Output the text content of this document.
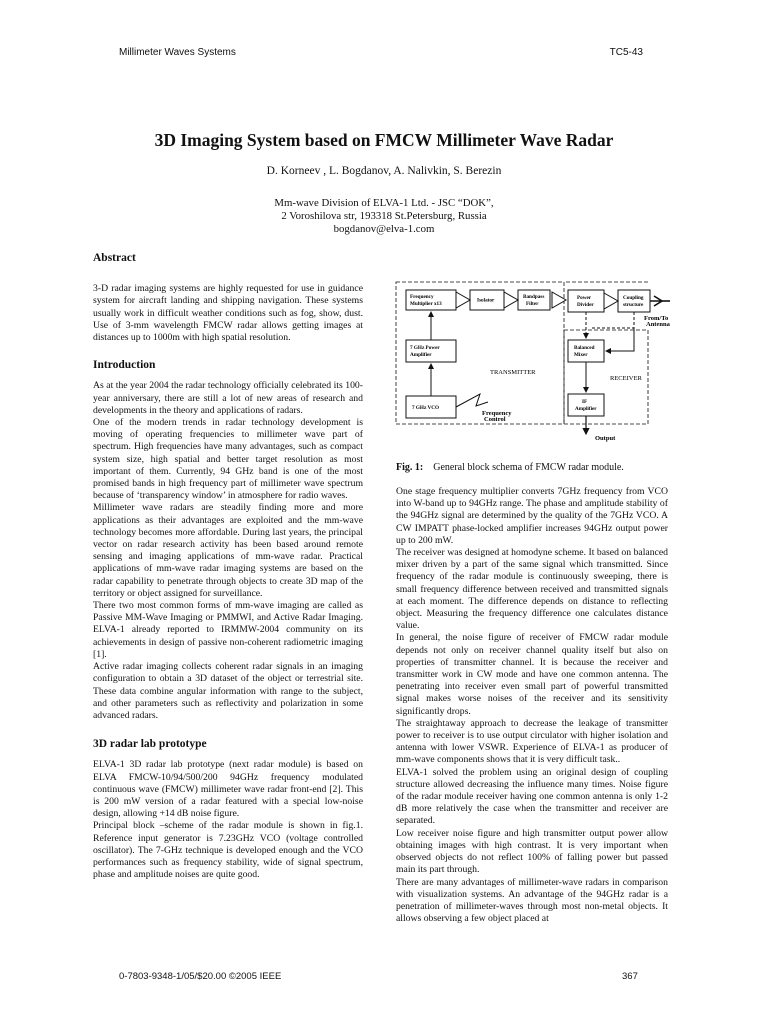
Millimeter Waves Systems	TC5-43
3D Imaging System based on FMCW Millimeter Wave Radar
D. Korneev , L. Bogdanov, A. Nalivkin, S. Berezin
Mm-wave Division of ELVA-1 Ltd. - JSC “DOK”,
2 Voroshilova str, 193318 St.Petersburg, Russia
bogdanov@elva-1.com

Abstract

3-D radar imaging systems are highly requested for use in guidance system for aircraft landing and shipping navigation. These systems usually work in difficult weather conditions such as fog, show, dust. Use of 3-mm wavelength FMCW radar allows getting images at distances up to 1000m with high spatial resolution.

Introduction

As at the year 2004 the radar technology officially celebrated its 100-year anniversary, there are still a lot of new areas of research and developments in the theory and applications of radars.

One of the modern trends in radar technology development is moving of operating frequencies to millimeter wave part of spectrum. High frequencies have many advantages, such as compact system size, high spatial and better target resolution as most important of them. Currently, 94 GHz band is one of the most promised bands in high frequency part of millimeter wave spectrum because of ‘transparency window’ in atmosphere for radio waves.

Millimeter wave radars are steadily finding more and more applications as their advantages are exploited and the mm-wave technology becomes more affordable. During last years, the principal vector on radar research activity has been based around remote sensing and imaging applications of mm-wave radar. Practical applications of mm-wave radar imaging systems are based on the radar capability to penetrate through objects to create 3D map of the territory or object assigned for surveillance.

There two most common forms of mm-wave imaging are called as Passive MM-Wave Imaging or PMMWI, and Active Radar Imaging. ELVA-1 already reported to IRMMW-2004 community on its achievements in design of passive non-coherent radiometric imaging [1].

Active radar imaging collects coherent radar signals in an imaging configuration to obtain a 3D dataset of the object or terrestrial site. These data combine angular information with range to the subject, and other parameters such as reflectivity and polarization in some advanced radars.

3D radar lab prototype

ELVA-1 3D radar lab prototype (next radar module) is based on ELVA FMCW-10/94/500/200 94GHz frequency modulated continuous wave (FMCW) millimeter wave radar front-end [2]. This is 200 mW version of a radar featured with a special low-noise design, allowing +14 dB noise figure.

Principal block –scheme of the radar module is shown in fig.1. Reference input generator is 7.23GHz VCO (voltage controlled oscillator). The 7-GHz technique is developed enough and the VCO performances such as frequency stability, wide of signal spectrum, phase and amplitude noises are quite good.

Frequency
Multiplier x13
Isolator
Bandpass
Filter
Power
Divider
Coupling
structure
7 GHz Power
Amplifier
Balanced
Mixer
7 GHz VCO
IF
Amplifier
From/To
Antenna
Frequency
Control
TRANSMITTER
RECEIVER
Output
Fig. 1: General block schema of FMCW radar module.

One stage frequency multiplier converts 7GHz frequency from VCO into W-band up to 94GHz range. The phase and amplitude stability of the 94GHz signal are determined by the quality of the 7GHz VCO. A CW IMPATT phase-locked amplifier increases 94GHz output power up to 200 mW.

The receiver was designed at homodyne scheme. It based on balanced mixer driven by a part of the same signal which transmitted. Since frequency of the radar module is continuously sweeping, there is small frequency difference between received and transmitted signals at each moment. The difference depends on distance to reflecting object. Measuring the frequency difference one calculates distance value.

In general, the noise figure of receiver of FMCW radar module depends not only on receiver channel quality itself but also on properties of transmitter channel. It is because the receiver and transmitter work in CW mode and have one common antenna. The penetrating into receiver even small part of powerful transmitted signal makes worse noises of the receiver and its sensitivity significantly drops.

The straightaway approach to decrease the leakage of transmitter power to receiver is to use output circulator with higher isolation and antenna with lower VSWR. Experience of ELVA-1 as producer of mm-wave components shows that it is very difficult task..

ELVA-1 solved the problem using an original design of coupling structure allowed decreasing the influence many times. Noise figure of the radar module receiver having one common antenna is only 1-2 dB more relatively the case when the transmitter and receiver are separated.

Low receiver noise figure and high transmitter output power allow obtaining images with high contrast. It is very important when observed objects do not reflect 100% of falling power but passed main its part through.

There are many advantages of millimeter-wave radars in comparison with visualization systems. An advantage of the 94GHz radar is a penetration of millimeter-waves through most non-metal objects. It allows observing a few object placed at

0-7803-9348-1/05/$20.00 ©2005 IEEE	367
